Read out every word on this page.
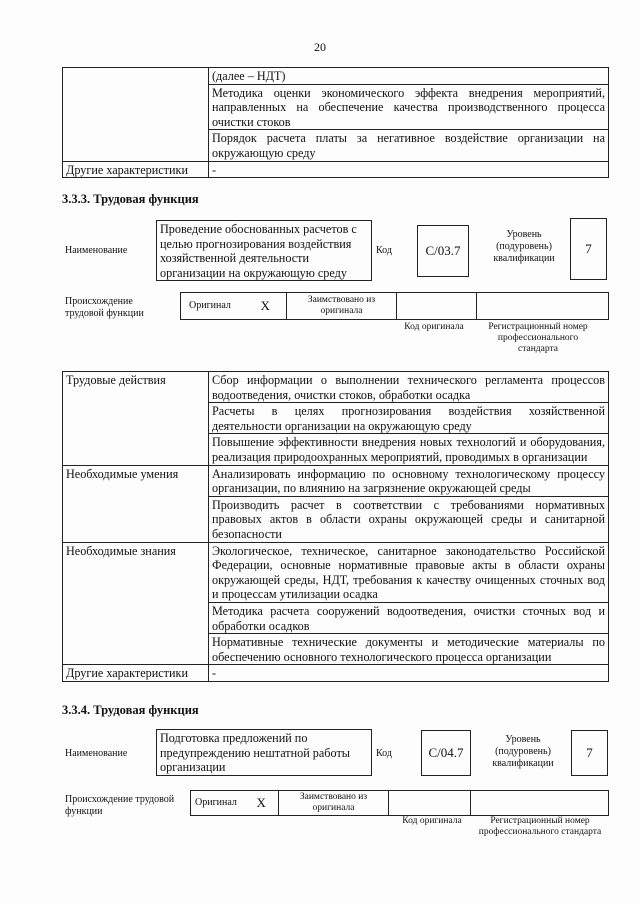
20
	(далее – НДТ)
	Методика оценки экономического эффекта внедрения мероприятий, направленных на обеспечение качества производственного процесса очистки стоков
	Порядок расчета платы за негативное воздействие организации на окружающую среду
Другие характеристики	-
3.3.3. Трудовая функция
Наименование
Проведение обоснованных расчетов с целью прогнозирования воздействия хозяйственной деятельности организации на окружающую среду
Код	С/03.7
Уровень (подуровень) квалификации
7
Происхождение трудовой функции
Оригинал	Х	Заимствовано из оригинала		
Код оригинала	Регистрационный номер профессионального стандарта
Трудовые действия	Сбор информации о выполнении технического регламента процессов водоотведения, очистки стоков, обработки осадка
	Расчеты в целях прогнозирования воздействия хозяйственной деятельности организации на окружающую среду
	Повышение эффективности внедрения новых технологий и оборудования, реализация природоохранных мероприятий, проводимых в организации
Необходимые умения	Анализировать информацию по основному технологическому процессу организации, по влиянию на загрязнение окружающей среды
	Производить расчет в соответствии с требованиями нормативных правовых актов в области охраны окружающей среды и санитарной безопасности
Необходимые знания	Экологическое, техническое, санитарное законодательство Российской Федерации, основные нормативные правовые акты в области охраны окружающей среды, НДТ, требования к качеству очищенных сточных вод и процессам утилизации осадка
	Методика расчета сооружений водоотведения, очистки сточных вод и обработки осадков
	Нормативные технические документы и методические материалы по обеспечению основного технологического процесса организации
Другие характеристики	-
3.3.4. Трудовая функция
Наименование
Подготовка предложений по предупреждению нештатной работы организации
Код	С/04.7
Уровень (подуровень) квалификации
7
Происхождение трудовой функции
Оригинал	Х	Заимствовано из оригинала		
Код оригинала	Регистрационный номер профессионального стандарта
